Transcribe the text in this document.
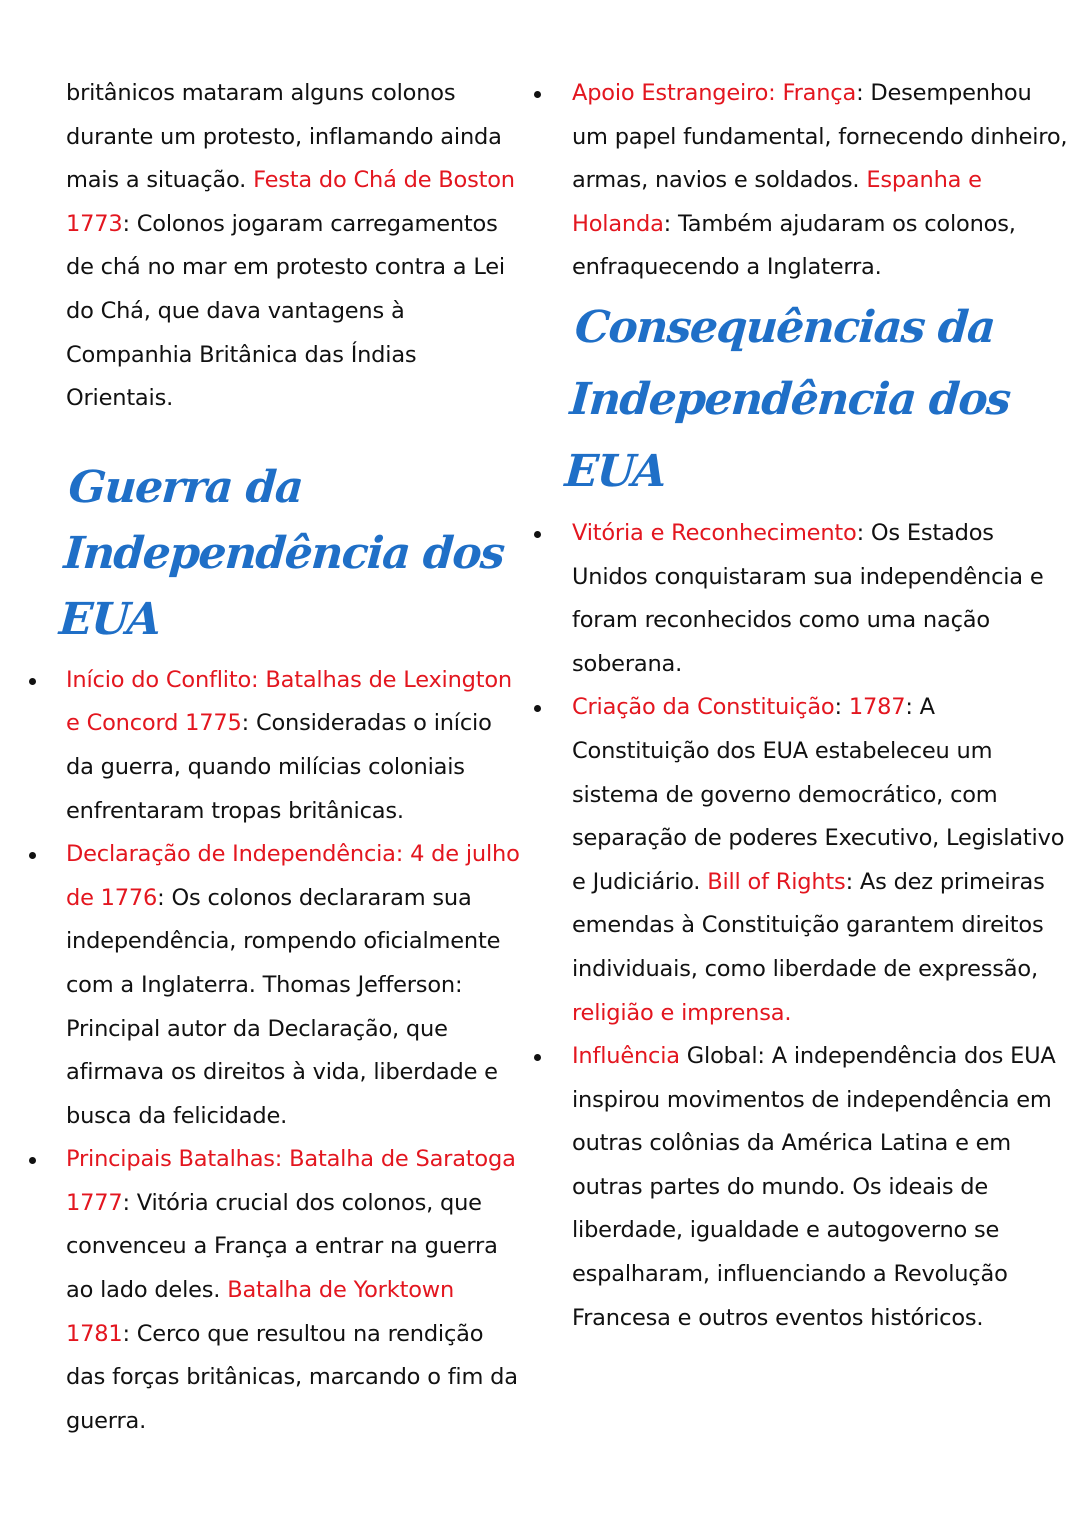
britânicos mataram alguns colonos durante um protesto, inflamando ainda mais a situação. Festa do Chá de Boston 1773: Colonos jogaram carregamentos de chá no mar em protesto contra a Lei do Chá, que dava vantagens à Companhia Britânica das Índias Orientais.

Guerra da
Independência dos EUA
Início do Conflito: Batalhas de Lexington e Concord 1775: Consideradas o início da guerra, quando milícias coloniais enfrentaram tropas britânicas.
Declaração de Independência: 4 de julho de 1776: Os colonos declararam sua independência, rompendo oficialmente com a Inglaterra. Thomas Jefferson: Principal autor da Declaração, que afirmava os direitos à vida, liberdade e busca da felicidade.
Principais Batalhas: Batalha de Saratoga 1777: Vitória crucial dos colonos, que convenceu a França a entrar na guerra ao lado deles. Batalha de Yorktown 1781: Cerco que resultou na rendição das forças britânicas, marcando o fim da guerra.
Apoio Estrangeiro: França: Desempenhou um papel fundamental, fornecendo dinheiro, armas, navios e soldados. Espanha e Holanda: Também ajudaram os colonos, enfraquecendo a Inglaterra.
Consequências da
Independência dos EUA
Vitória e Reconhecimento: Os Estados Unidos conquistaram sua independência e foram reconhecidos como uma nação soberana.
Criação da Constituição: 1787: A Constituição dos EUA estabeleceu um sistema de governo democrático, com separação de poderes Executivo, Legislativo e Judiciário. Bill of Rights: As dez primeiras emendas à Constituição garantem direitos individuais, como liberdade de expressão, religião e imprensa.
Influência Global: A independência dos EUA inspirou movimentos de independência em outras colônias da América Latina e em outras partes do mundo. Os ideais de liberdade, igualdade e autogoverno se espalharam, influenciando a Revolução Francesa e outros eventos históricos.
